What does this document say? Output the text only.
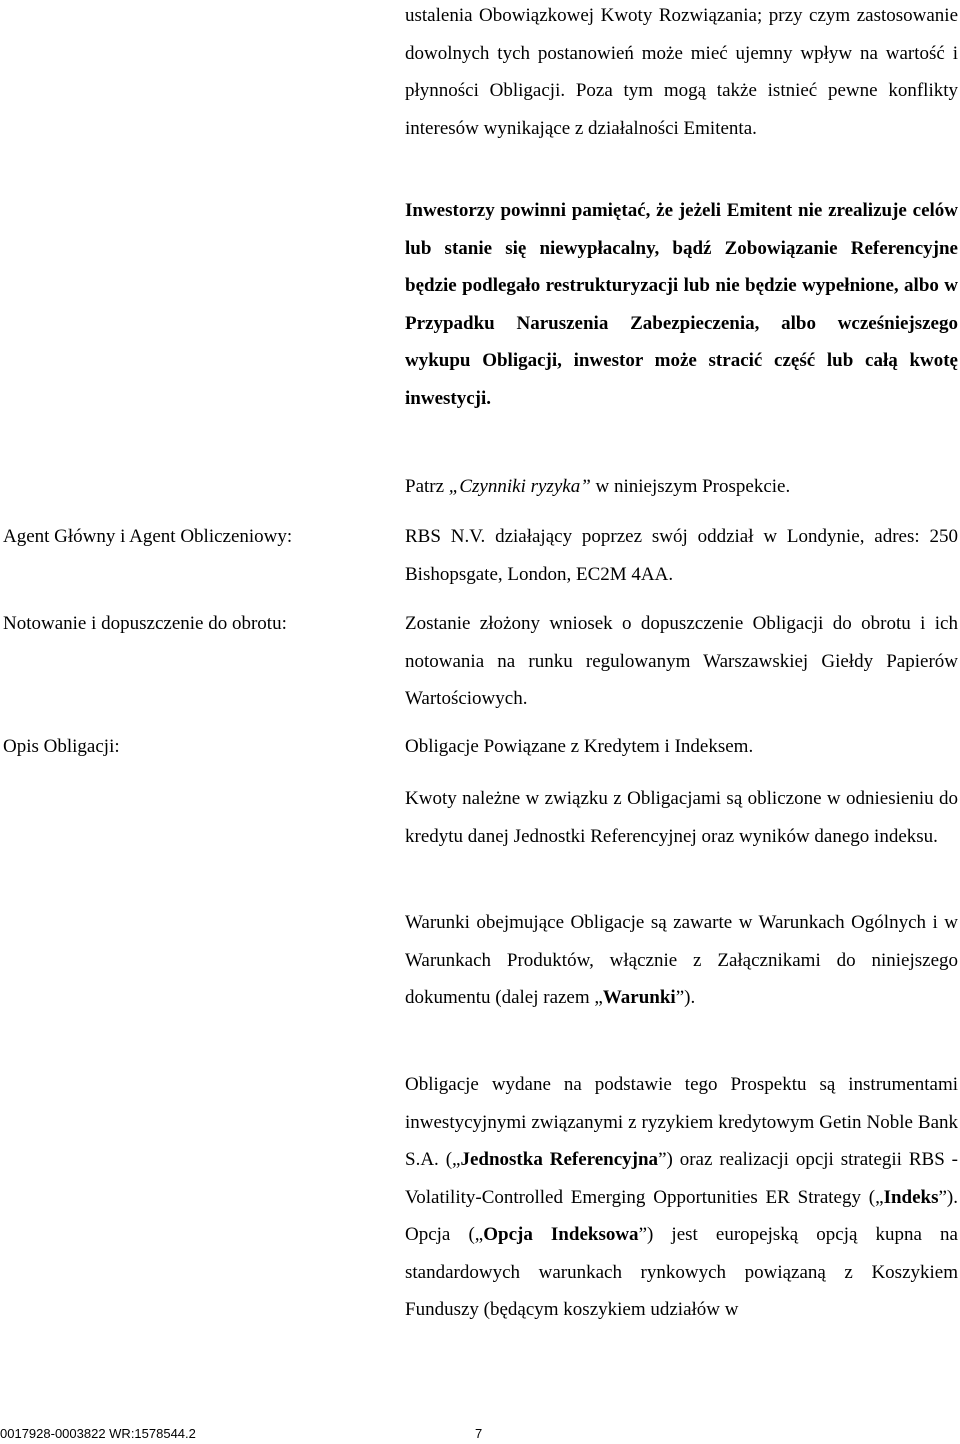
ustalenia Obowiązkowej Kwoty Rozwiązania; przy czym zastosowanie dowolnych tych postanowień może mieć ujemny wpływ na wartość i płynności Obligacji. Poza tym mogą także istnieć pewne konflikty interesów wynikające z działalności Emitenta.
Inwestorzy powinni pamiętać, że jeżeli Emitent nie zrealizuje celów lub stanie się niewypłacalny, bądź Zobowiązanie Referencyjne będzie podlegało restrukturyzacji lub nie będzie wypełnione, albo w Przypadku Naruszenia Zabezpieczenia, albo wcześniejszego wykupu Obligacji, inwestor może stracić część lub całą kwotę inwestycji.
Patrz „Czynniki ryzyka” w niniejszym Prospekcie.
Agent Główny i Agent Obliczeniowy:	RBS N.V. działający poprzez swój oddział w Londynie, adres: 250 Bishopsgate, London, EC2M 4AA.
Notowanie i dopuszczenie do obrotu:	Zostanie złożony wniosek o dopuszczenie Obligacji do obrotu i ich notowania na runku regulowanym Warszawskiej Giełdy Papierów Wartościowych.
Opis Obligacji:	Obligacje Powiązane z Kredytem i Indeksem.
Kwoty należne w związku z Obligacjami są obliczone w odniesieniu do kredytu danej Jednostki Referencyjnej oraz wyników danego indeksu.
Warunki obejmujące Obligacje są zawarte w Warunkach Ogólnych i w Warunkach Produktów, włącznie z Załącznikami do niniejszego dokumentu (dalej razem „Warunki”).
Obligacje wydane na podstawie tego Prospektu są instrumentami inwestycyjnymi związanymi z ryzykiem kredytowym Getin Noble Bank S.A. („Jednostka Referencyjna”) oraz realizacji opcji strategii RBS - Volatility-Controlled Emerging Opportunities ER Strategy („Indeks”). Opcja („Opcja Indeksowa”) jest europejską opcją kupna na standardowych warunkach rynkowych powiązaną z Koszykiem Funduszy (będącym koszykiem udziałów w
0017928-0003822 WR:1578544.2	7
